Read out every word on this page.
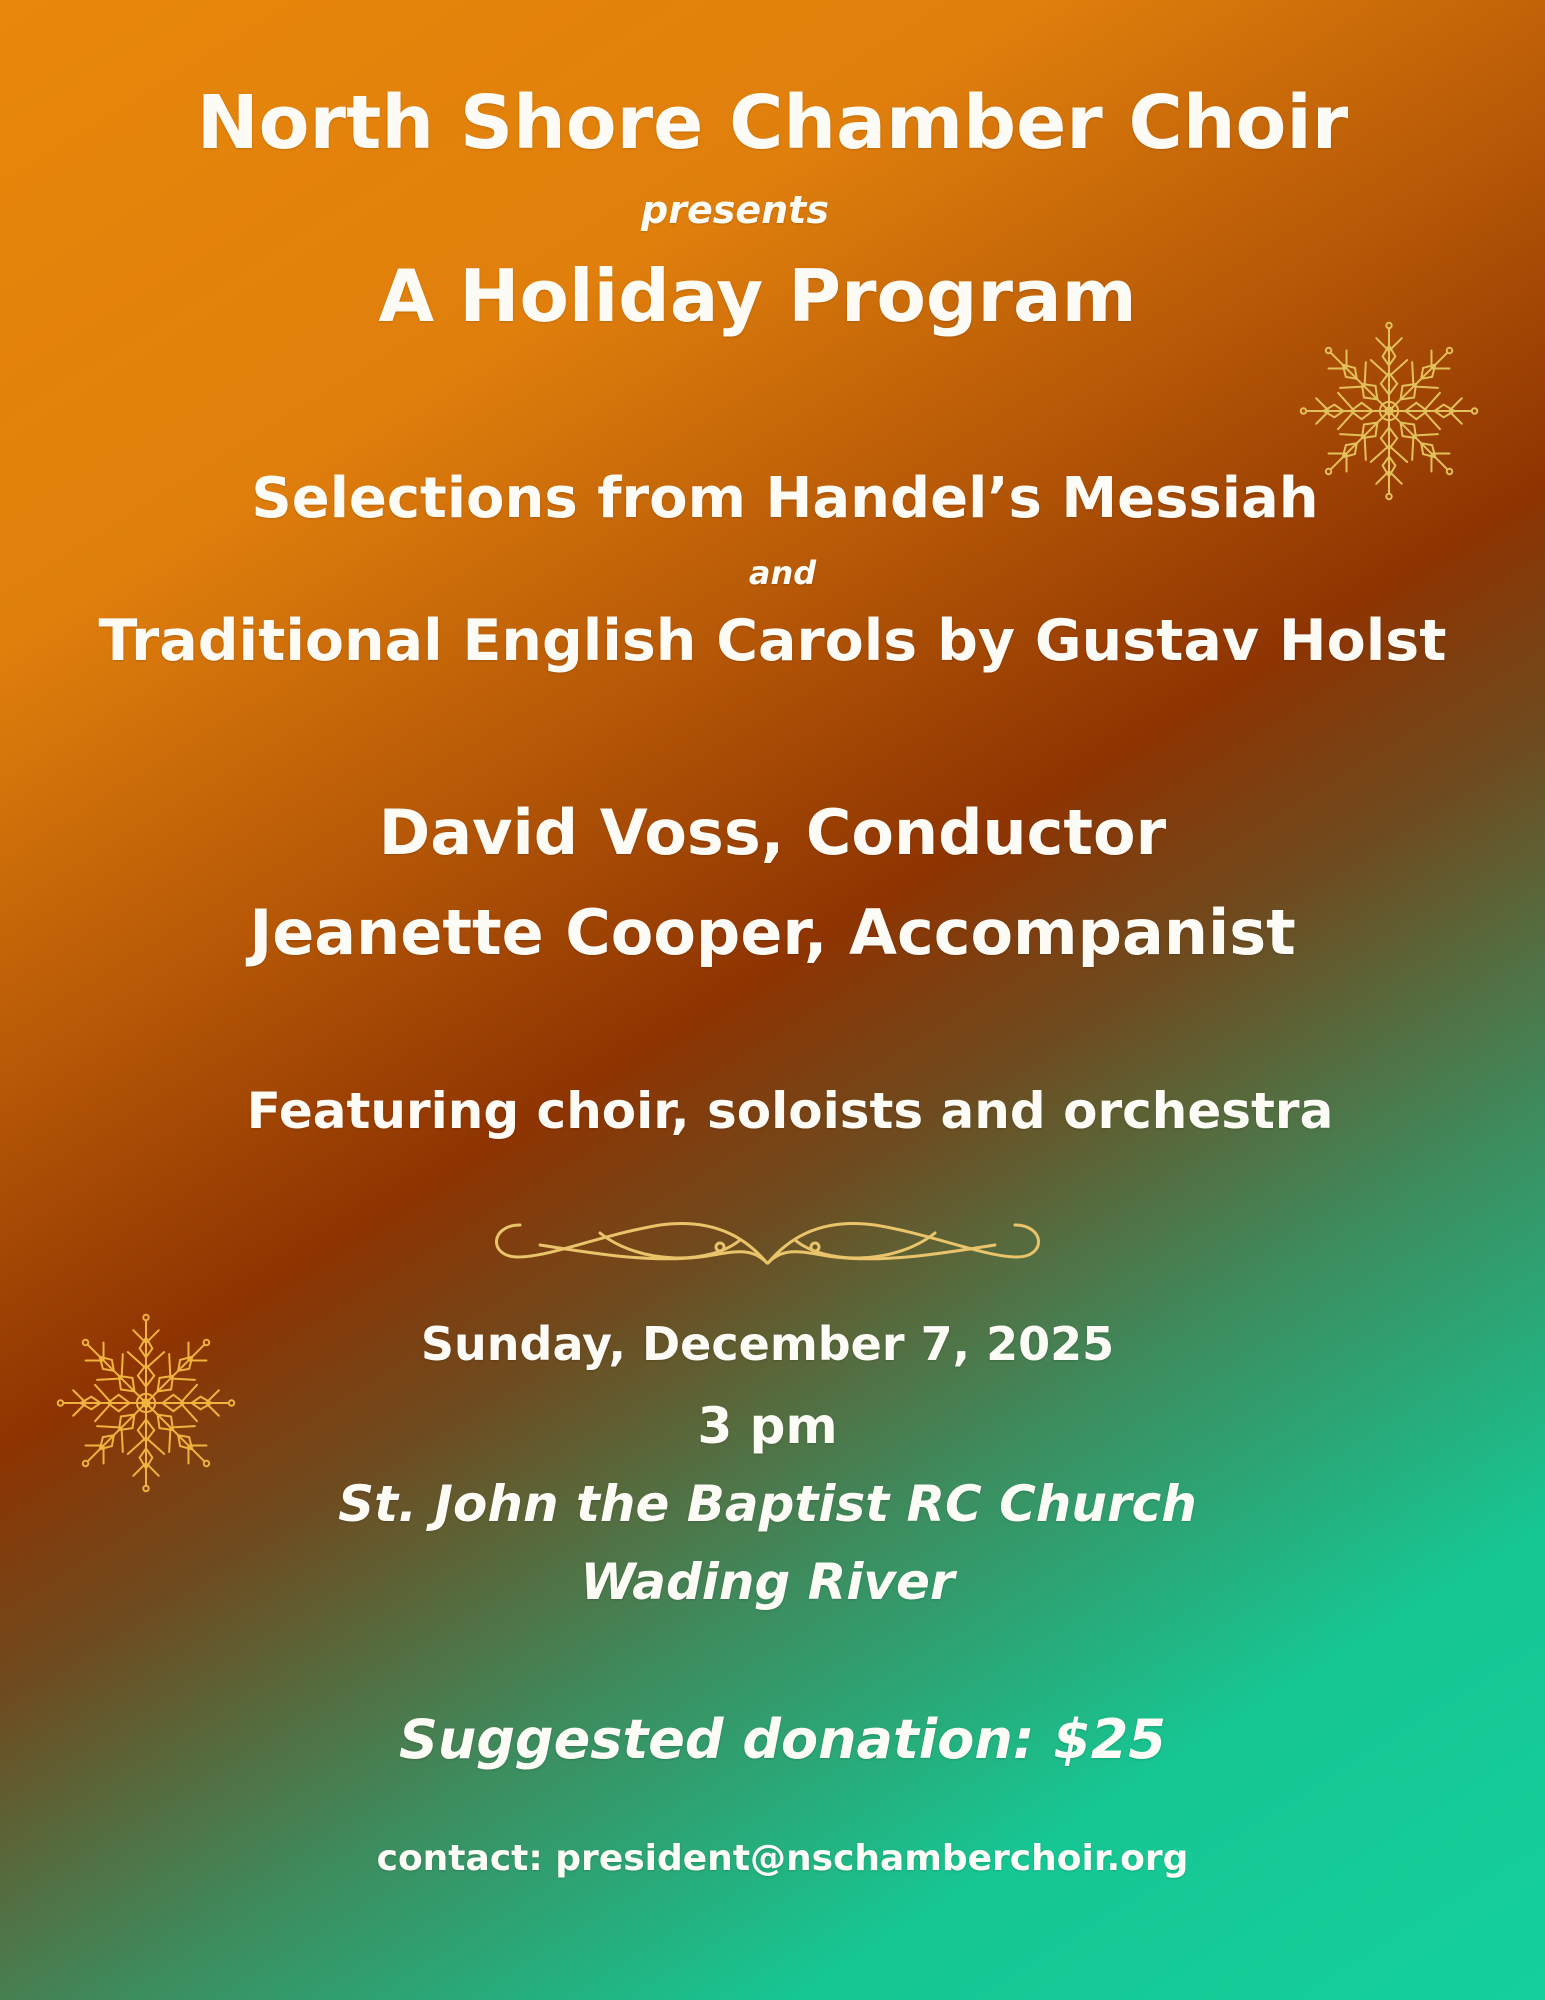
North Shore Chamber Choir
presents
A Holiday Program
Selections from Handel’s Messiah
and
Traditional English Carols by Gustav Holst
David Voss, Conductor
Jeanette Cooper, Accompanist
Featuring choir, soloists and orchestra
Sunday, December 7, 2025
3 pm
St. John the Baptist RC Church
Wading River
Suggested donation: $25
contact: president@nschamberchoir.org
